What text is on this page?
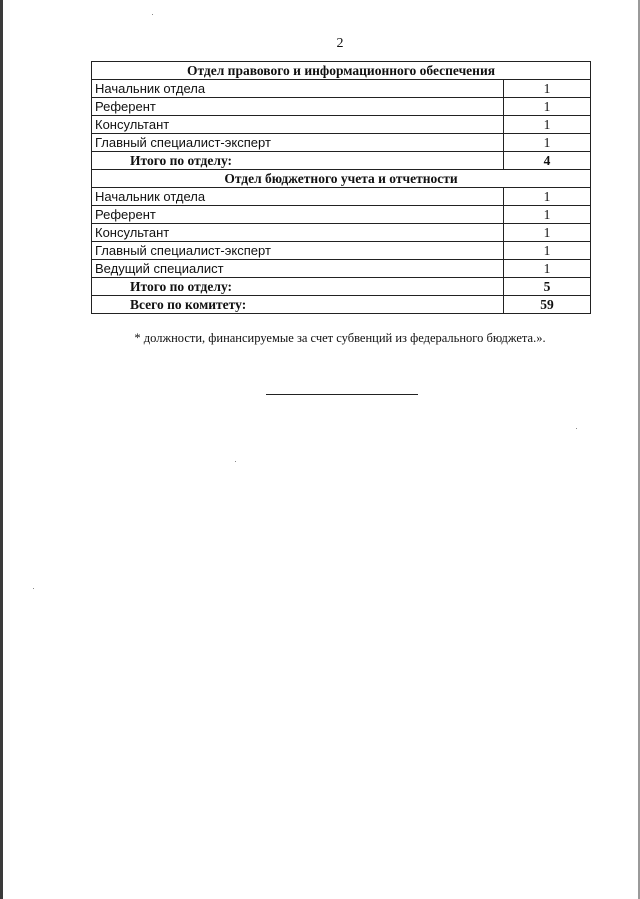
2
Отдел правового и информационного обеспечения	
Начальник отдела	1
Референт	1
Консультант	1
Главный специалист-эксперт	1
Итого по отделу:	4
Отдел бюджетного учета и отчетности	
Начальник отдела	1
Референт	1
Консультант	1
Главный специалист-эксперт	1
Ведущий специалист	1
Итого по отделу:	5
Всего по комитету:	59
* должности, финансируемые за счет субвенций из федерального бюджета.».
